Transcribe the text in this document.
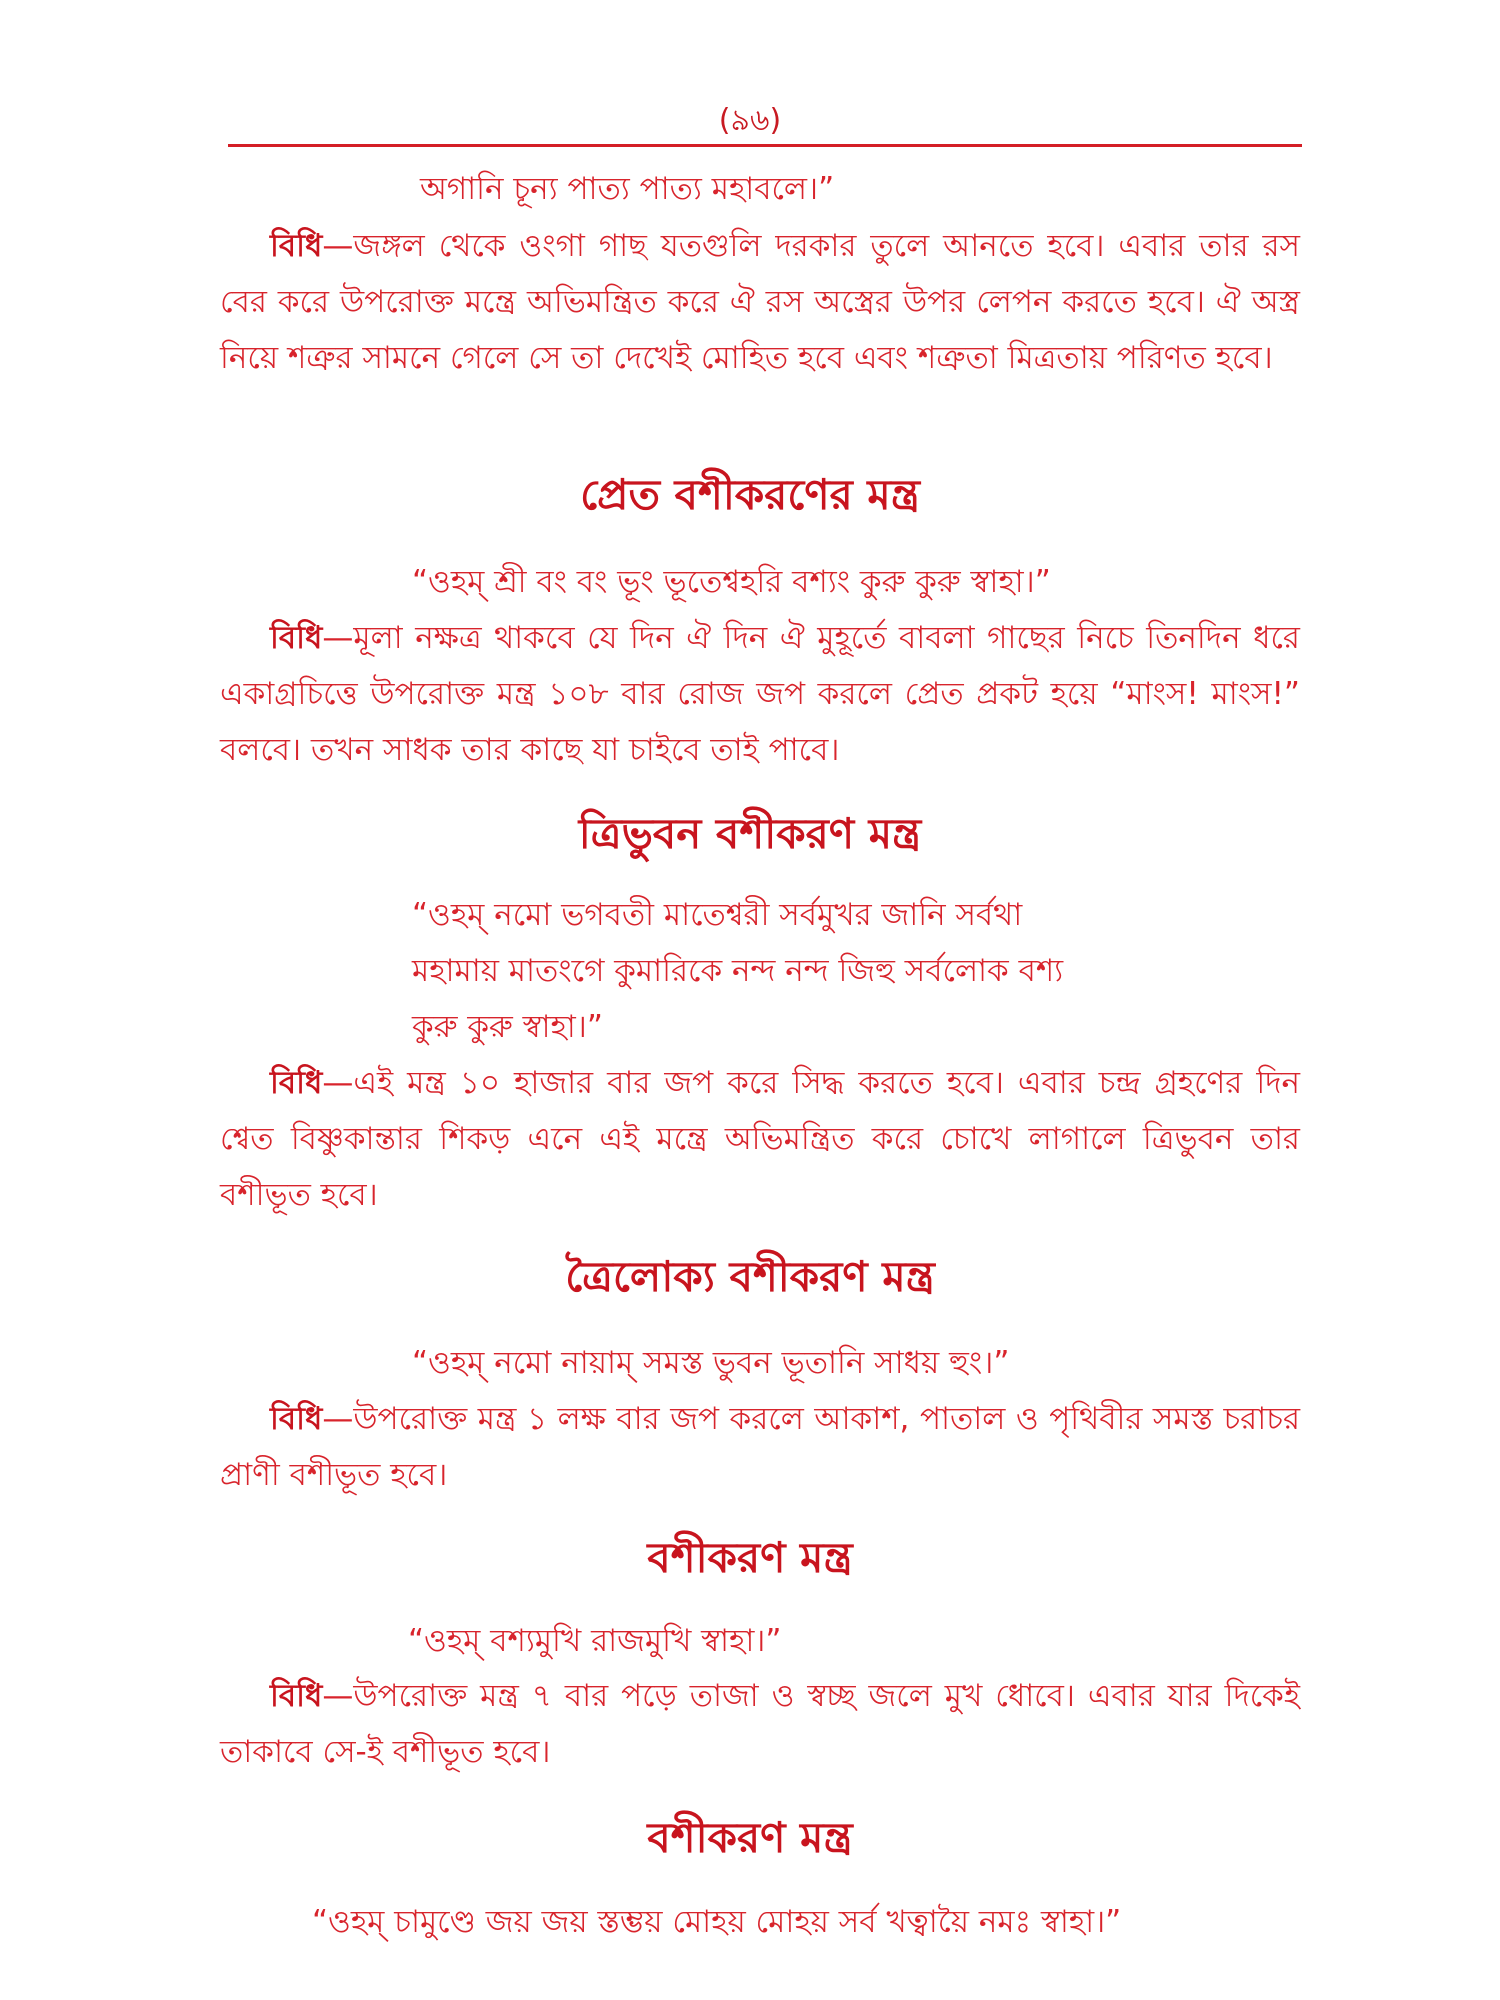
(৯৬)

অগানি চূন্য পাত্য পাত্য মহাবলে।”

বিধি—জঙ্গল থেকে ওংগা গাছ যতগুলি দরকার তুলে আনতে হবে। এবার তার রস বের করে উপরোক্ত মন্ত্রে অভিমন্ত্রিত করে ঐ রস অস্ত্রের উপর লেপন করতে হবে। ঐ অস্ত্র নিয়ে শত্রুর সামনে গেলে সে তা দেখেই মোহিত হবে এবং শত্রুতা মিত্রতায় পরিণত হবে।

প্রেত বশীকরণের মন্ত্র

“ওহম্ শ্রী বং বং ভূং ভূতেশ্বহরি বশ্যং কুরু কুরু স্বাহা।”

বিধি—মূলা নক্ষত্র থাকবে যে দিন ঐ দিন ঐ মুহূর্তে বাবলা গাছের নিচে তিনদিন ধরে একাগ্রচিত্তে উপরোক্ত মন্ত্র ১০৮ বার রোজ জপ করলে প্রেত প্রকট হয়ে “মাংস! মাংস!” বলবে। তখন সাধক তার কাছে যা চাইবে তাই পাবে।

ত্রিভুবন বশীকরণ মন্ত্র

“ওহম্ নমো ভগবতী মাতেশ্বরী সর্বমুখর জানি সর্বথা

মহামায় মাতংগে কুমারিকে নন্দ নন্দ জিহু সর্বলোক বশ্য

কুরু কুরু স্বাহা।”

বিধি—এই মন্ত্র ১০ হাজার বার জপ করে সিদ্ধ করতে হবে। এবার চন্দ্র গ্রহণের দিন শ্বেত বিষ্ণুকান্তার শিকড় এনে এই মন্ত্রে অভিমন্ত্রিত করে চোখে লাগালে ত্রিভুবন তার বশীভূত হবে।

ত্রৈলোক্য বশীকরণ মন্ত্র

“ওহম্ নমো নায়াম্ সমস্ত ভুবন ভূতানি সাধয় হুং।”

বিধি—উপরোক্ত মন্ত্র ১ লক্ষ বার জপ করলে আকাশ, পাতাল ও পৃথিবীর সমস্ত চরাচর প্রাণী বশীভূত হবে।

বশীকরণ মন্ত্র

“ওহম্ বশ্যমুখি রাজমুখি স্বাহা।”

বিধি—উপরোক্ত মন্ত্র ৭ বার পড়ে তাজা ও স্বচ্ছ জলে মুখ ধোবে। এবার যার দিকেই তাকাবে সে-ই বশীভূত হবে।

বশীকরণ মন্ত্র

“ওহম্ চামুণ্ডে জয় জয় স্তম্ভয় মোহয় মোহয় সর্ব খত্বায়ৈ নমঃ স্বাহা।”
